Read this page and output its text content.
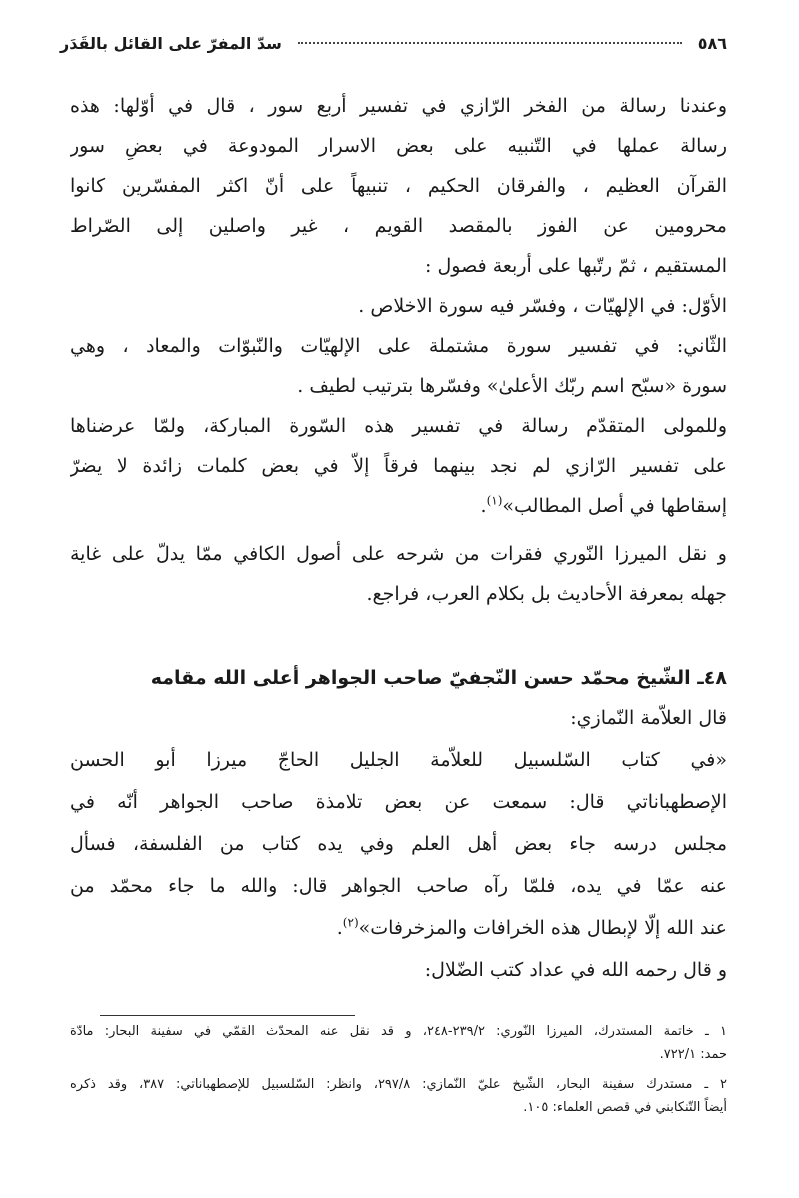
٥٨٦
سدّ المفرّ على القائل بالقَدَر
وعندنا رسالة من الفخر الرّازي في تفسير أربع سور ، قال في أوّلها: هذه
رسالة عملها في التّنبيه على بعض الاسرار المودوعة في بعضِ سور
القرآن العظيم ، والفرقان الحكيم ، تنبيهاً على أنّ اكثر المفسّرين كانوا
محرومين عن الفوز بالمقصد القويم ، غير واصلين إلى الصّراط
المستقيم ، ثمّ رتّبها على أربعة فصول :
الأوّل: في الإلهيّات ، وفسّر فيه سورة الاخلاص .
الثّاني: في تفسير سورة مشتملة على الإلهيّات والنّبوّات والمعاد ، وهي
سورة «سبّح اسم ربّك الأعلىٰ» وفسّرها بترتيب لطيف .
وللمولى المتقدّم رسالة في تفسير هذه السّورة المباركة، ولمّا عرضناها
على تفسير الرّازي لم نجد بينهما فرقاً إلاّ في بعض كلمات زائدة لا يضرّ
إسقاطها في أصل المطالب»$^{(١)}$.
و نقل الميرزا النّوري فقرات من شرحه على أصول الكافي ممّا يدلّ على غاية
جهله بمعرفة الأحاديث بل بكلام العرب، فراجع.
٤٨ـ الشّيخ محمّد حسن النّجفيّ صاحب الجواهر أعلى الله مقامه
قال العلاّمة النّمازي:
«في كتاب السّلسبيل للعلاّمة الجليل الحاجّ ميرزا أبو الحسن
الإصطهباناتي قال: سمعت عن بعض تلامذة صاحب الجواهر أنّه في
مجلس درسه جاء بعض أهل العلم وفي يده كتاب من الفلسفة، فسأل
عنه عمّا في يده، فلمّا رآه صاحب الجواهر قال: والله ما جاء محمّد من
عند الله إلّا لإبطال هذه الخرافات والمزخرفات»$^{(٢)}$.
و قال رحمه الله في عداد كتب الضّلال:
١ ـ خاتمة المستدرك، الميرزا النّوري: ٢٣٩/٢-٢٤٨، و قد نقل عنه المحدّث القمّي في سفينة البحار: مادّة
حمد: ٧٢٢/١.
٢ ـ مستدرك سفينة البحار، الشّيخ عليّ النّمازي: ٢٩٧/٨، وانظر: السّلسبيل للإصطهباناتي: ٣٨٧، وقد ذكره
أيضاً التّنكابني في قصص العلماء: ١٠٥.
